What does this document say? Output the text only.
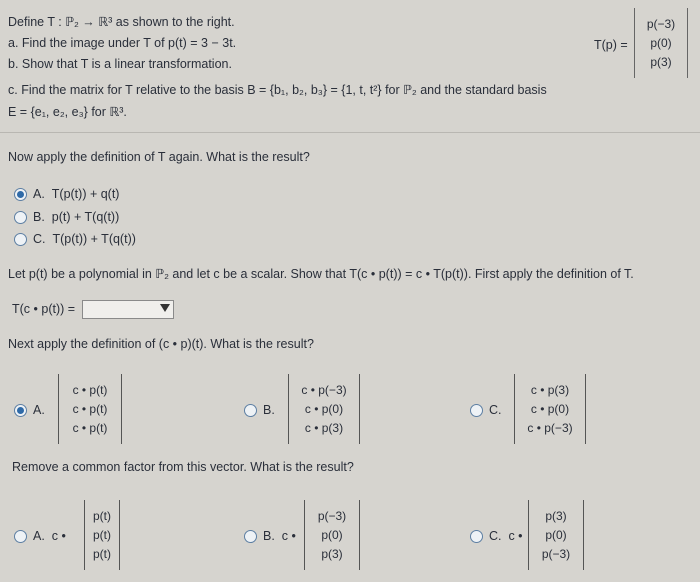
Define T : ℙ₂ → ℝ³ as shown to the right.
a. Find the image under T of p(t) = 3 − 3t.
b. Show that T is a linear transformation.
c. Find the matrix for T relative to the basis B = {b₁, b₂, b₃} = {1, t, t²} for ℙ₂ and the standard basis
E = {e₁, e₂, e₃} for ℝ³.
T(p) =
p(−3)
p(0)
p(3)
Now apply the definition of T again. What is the result?
A. T(p(t)) + q(t)
B. p(t) + T(q(t))
C. T(p(t)) + T(q(t))
Let p(t) be a polynomial in ℙ₂ and let c be a scalar. Show that T(c • p(t)) = c • T(p(t)). First apply the definition of T.
T(c • p(t)) =
Next apply the definition of (c • p)(t). What is the result?
A.
c • p(t)
c • p(t)
c • p(t)
B.
c • p(−3)
c • p(0)
c • p(3)
C.
c • p(3)
c • p(0)
c • p(−3)
Remove a common factor from this vector. What is the result?
A. c •
p(t)
p(t)
p(t)
B. c •
p(−3)
p(0)
p(3)
C. c •
p(3)
p(0)
p(−3)
